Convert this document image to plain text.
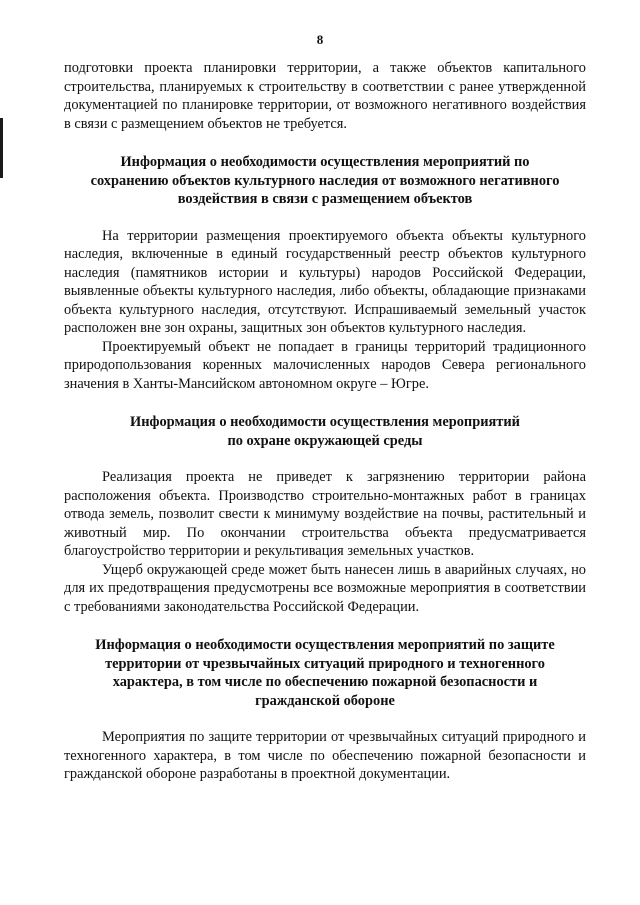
8

подготовки проекта планировки территории, а также объектов капитального строительства, планируемых к строительству в соответствии с ранее утвержденной документацией по планировке территории, от возможного негативного воздействия в связи с размещением объектов не требуется.

Информация о необходимости осуществления мероприятий по
сохранению объектов культурного наследия от возможного негативного
воздействия в связи с размещением объектов

На территории размещения проектируемого объекта объекты культурного наследия, включенные в единый государственный реестр объектов культурного наследия (памятников истории и культуры) народов Российской Федерации, выявленные объекты культурного наследия, либо объекты, обладающие признаками объекта культурного наследия, отсутствуют. Испрашиваемый земельный участок расположен вне зон охраны, защитных зон объектов культурного наследия.

Проектируемый объект не попадает в границы территорий традиционного природопользования коренных малочисленных народов Севера регионального значения в Ханты-Мансийском автономном округе – Югре.

Информация о необходимости осуществления мероприятий
по охране окружающей среды

Реализация проекта не приведет к загрязнению территории района расположения объекта. Производство строительно-монтажных работ в границах отвода земель, позволит свести к минимуму воздействие на почвы, растительный и животный мир. По окончании строительства объекта предусматривается благоустройство территории и рекультивация земельных участков.

Ущерб окружающей среде может быть нанесен лишь в аварийных случаях, но для их предотвращения предусмотрены все возможные мероприятия в соответствии с требованиями законодательства Российской Федерации.

Информация о необходимости осуществления мероприятий по защите
территории от чрезвычайных ситуаций природного и техногенного
характера, в том числе по обеспечению пожарной безопасности и
гражданской обороне

Мероприятия по защите территории от чрезвычайных ситуаций природного и техногенного характера, в том числе по обеспечению пожарной безопасности и гражданской обороне разработаны в проектной документации.
